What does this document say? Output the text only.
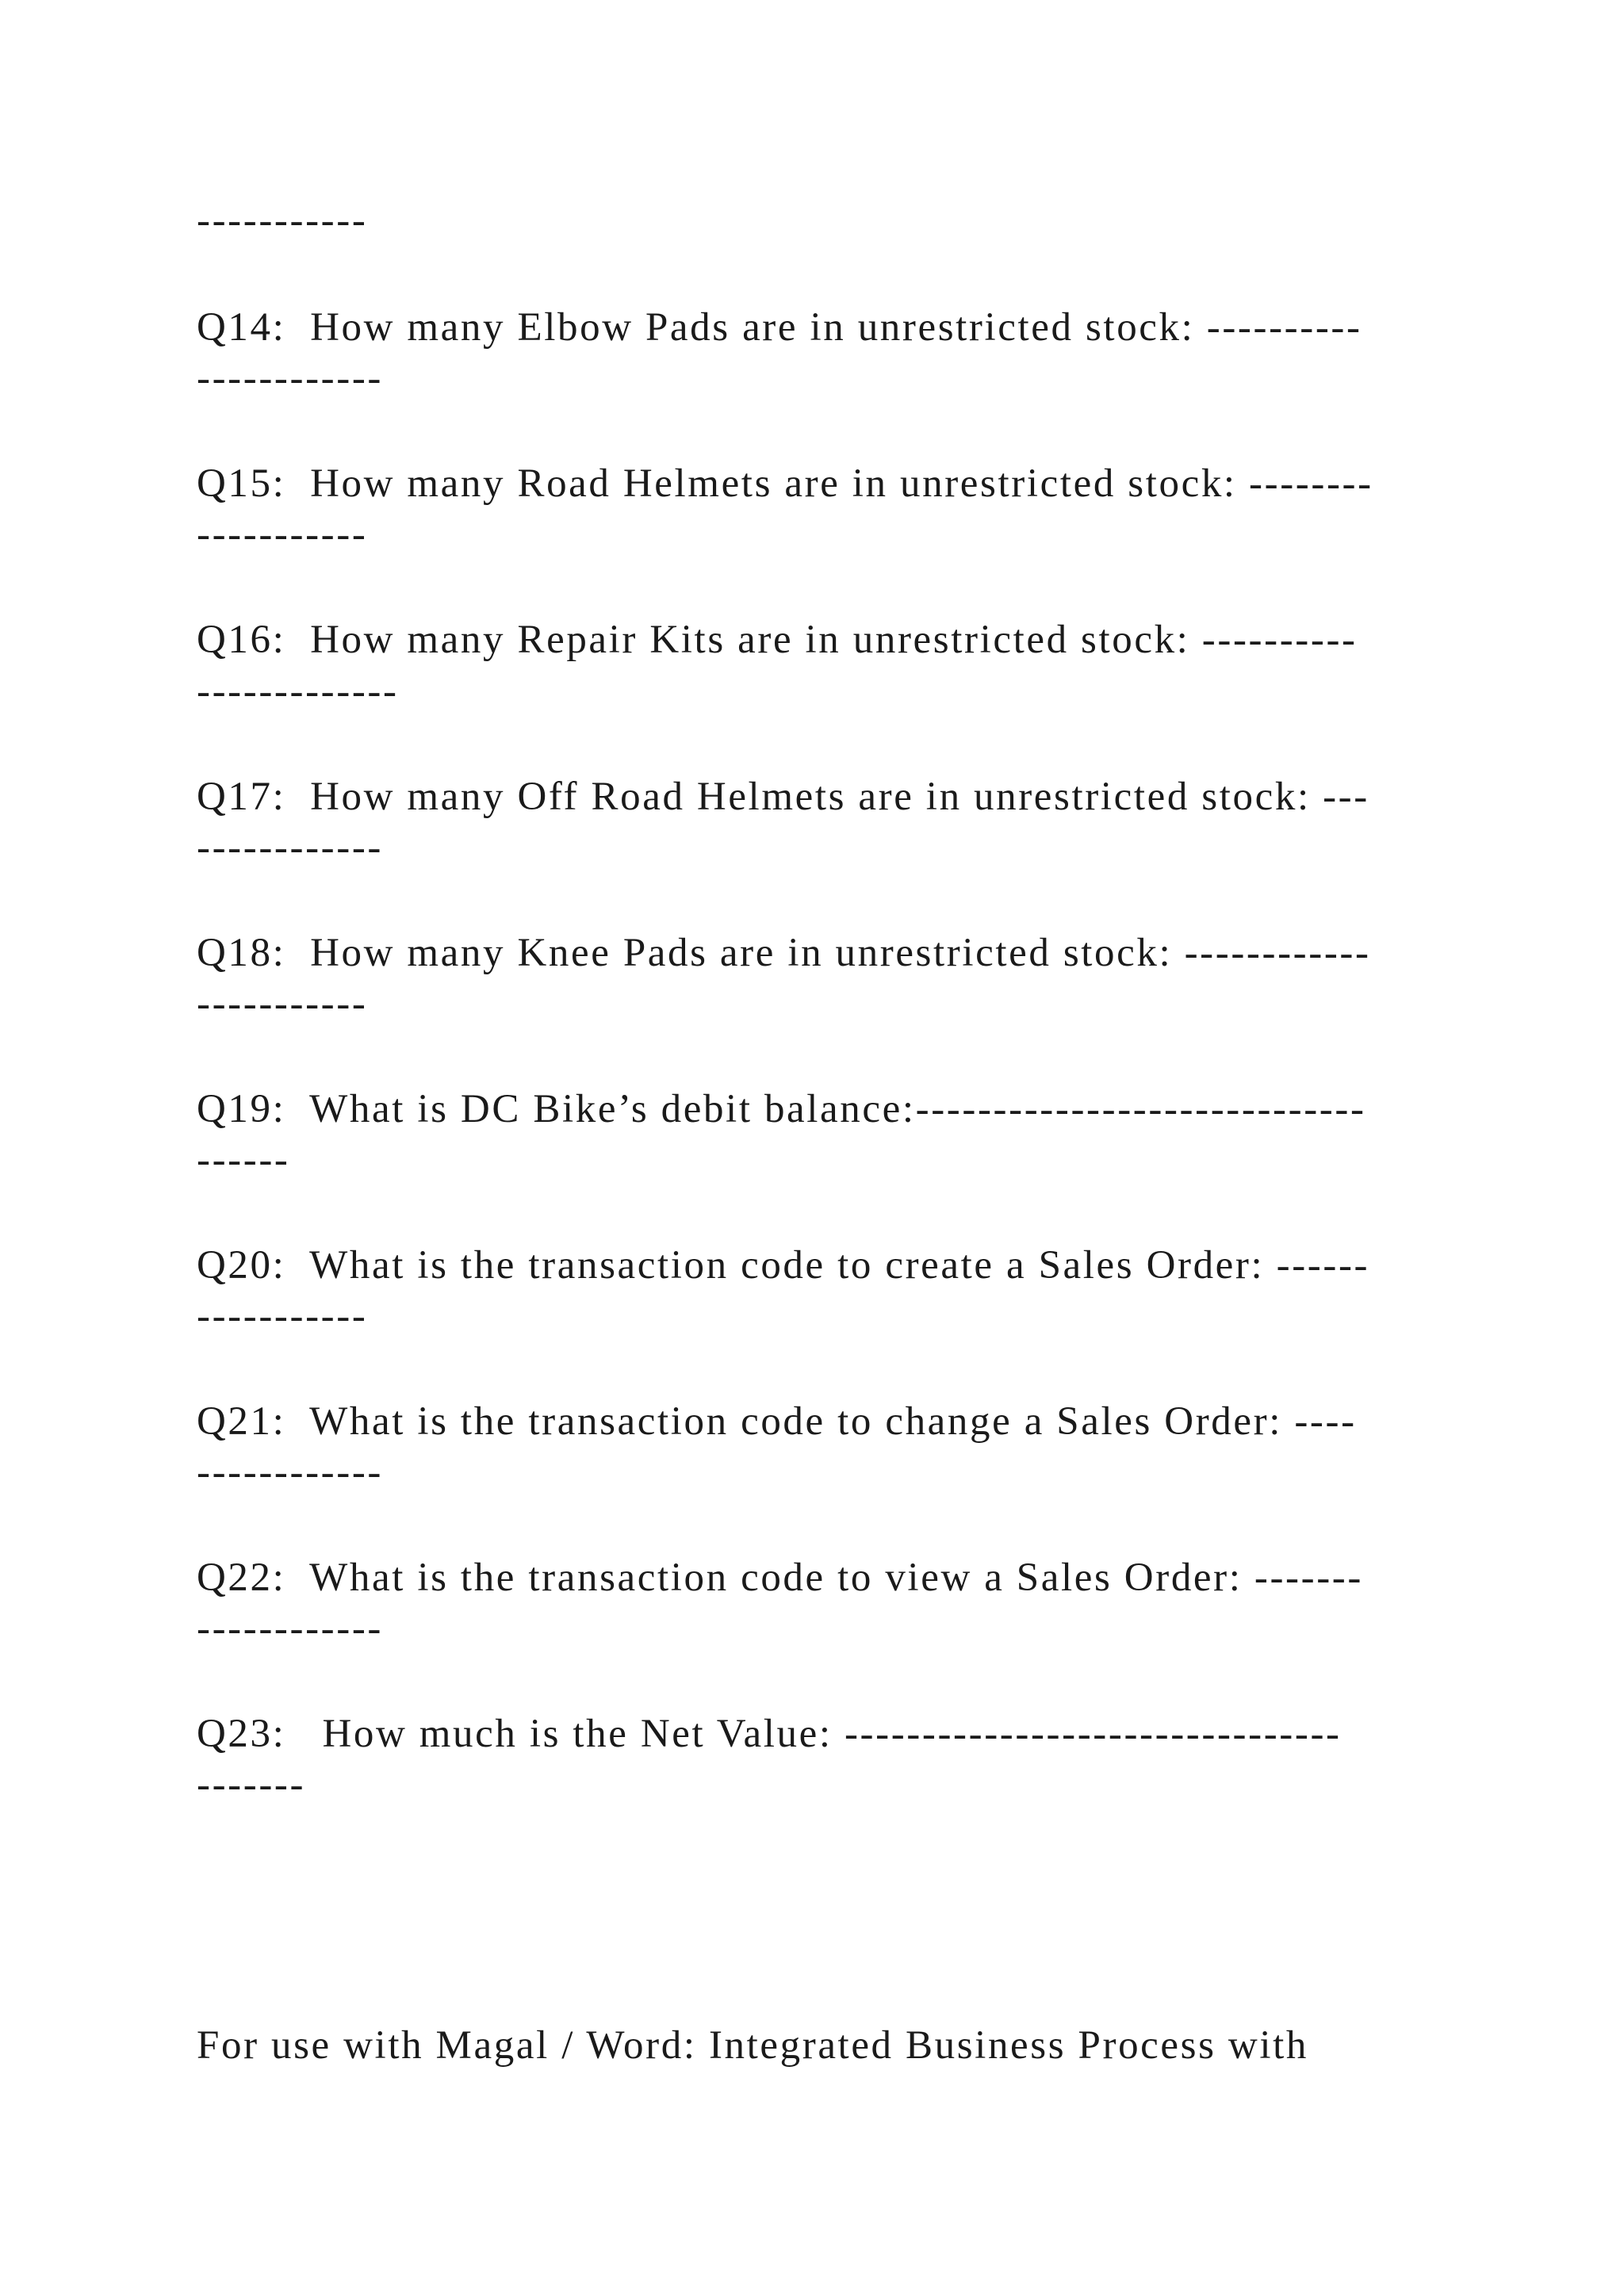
-----------

Q14:  How many Elbow Pads are in unrestricted stock: ----------

------------

Q15:  How many Road Helmets are in unrestricted stock: --------

-----------

Q16:  How many Repair Kits are in unrestricted stock: ----------

-------------

Q17:  How many Off Road Helmets are in unrestricted stock: ---

------------

Q18:  How many Knee Pads are in unrestricted stock: ------------

-----------

Q19:  What is DC Bike’s debit balance:-----------------------------

------

Q20:  What is the transaction code to create a Sales Order: ------

-----------

Q21:  What is the transaction code to change a Sales Order: ----

------------

Q22:  What is the transaction code to view a Sales Order: -------

------------

Q23:   How much is the Net Value: --------------------------------

-------

For use with Magal / Word: Integrated Business Process with
